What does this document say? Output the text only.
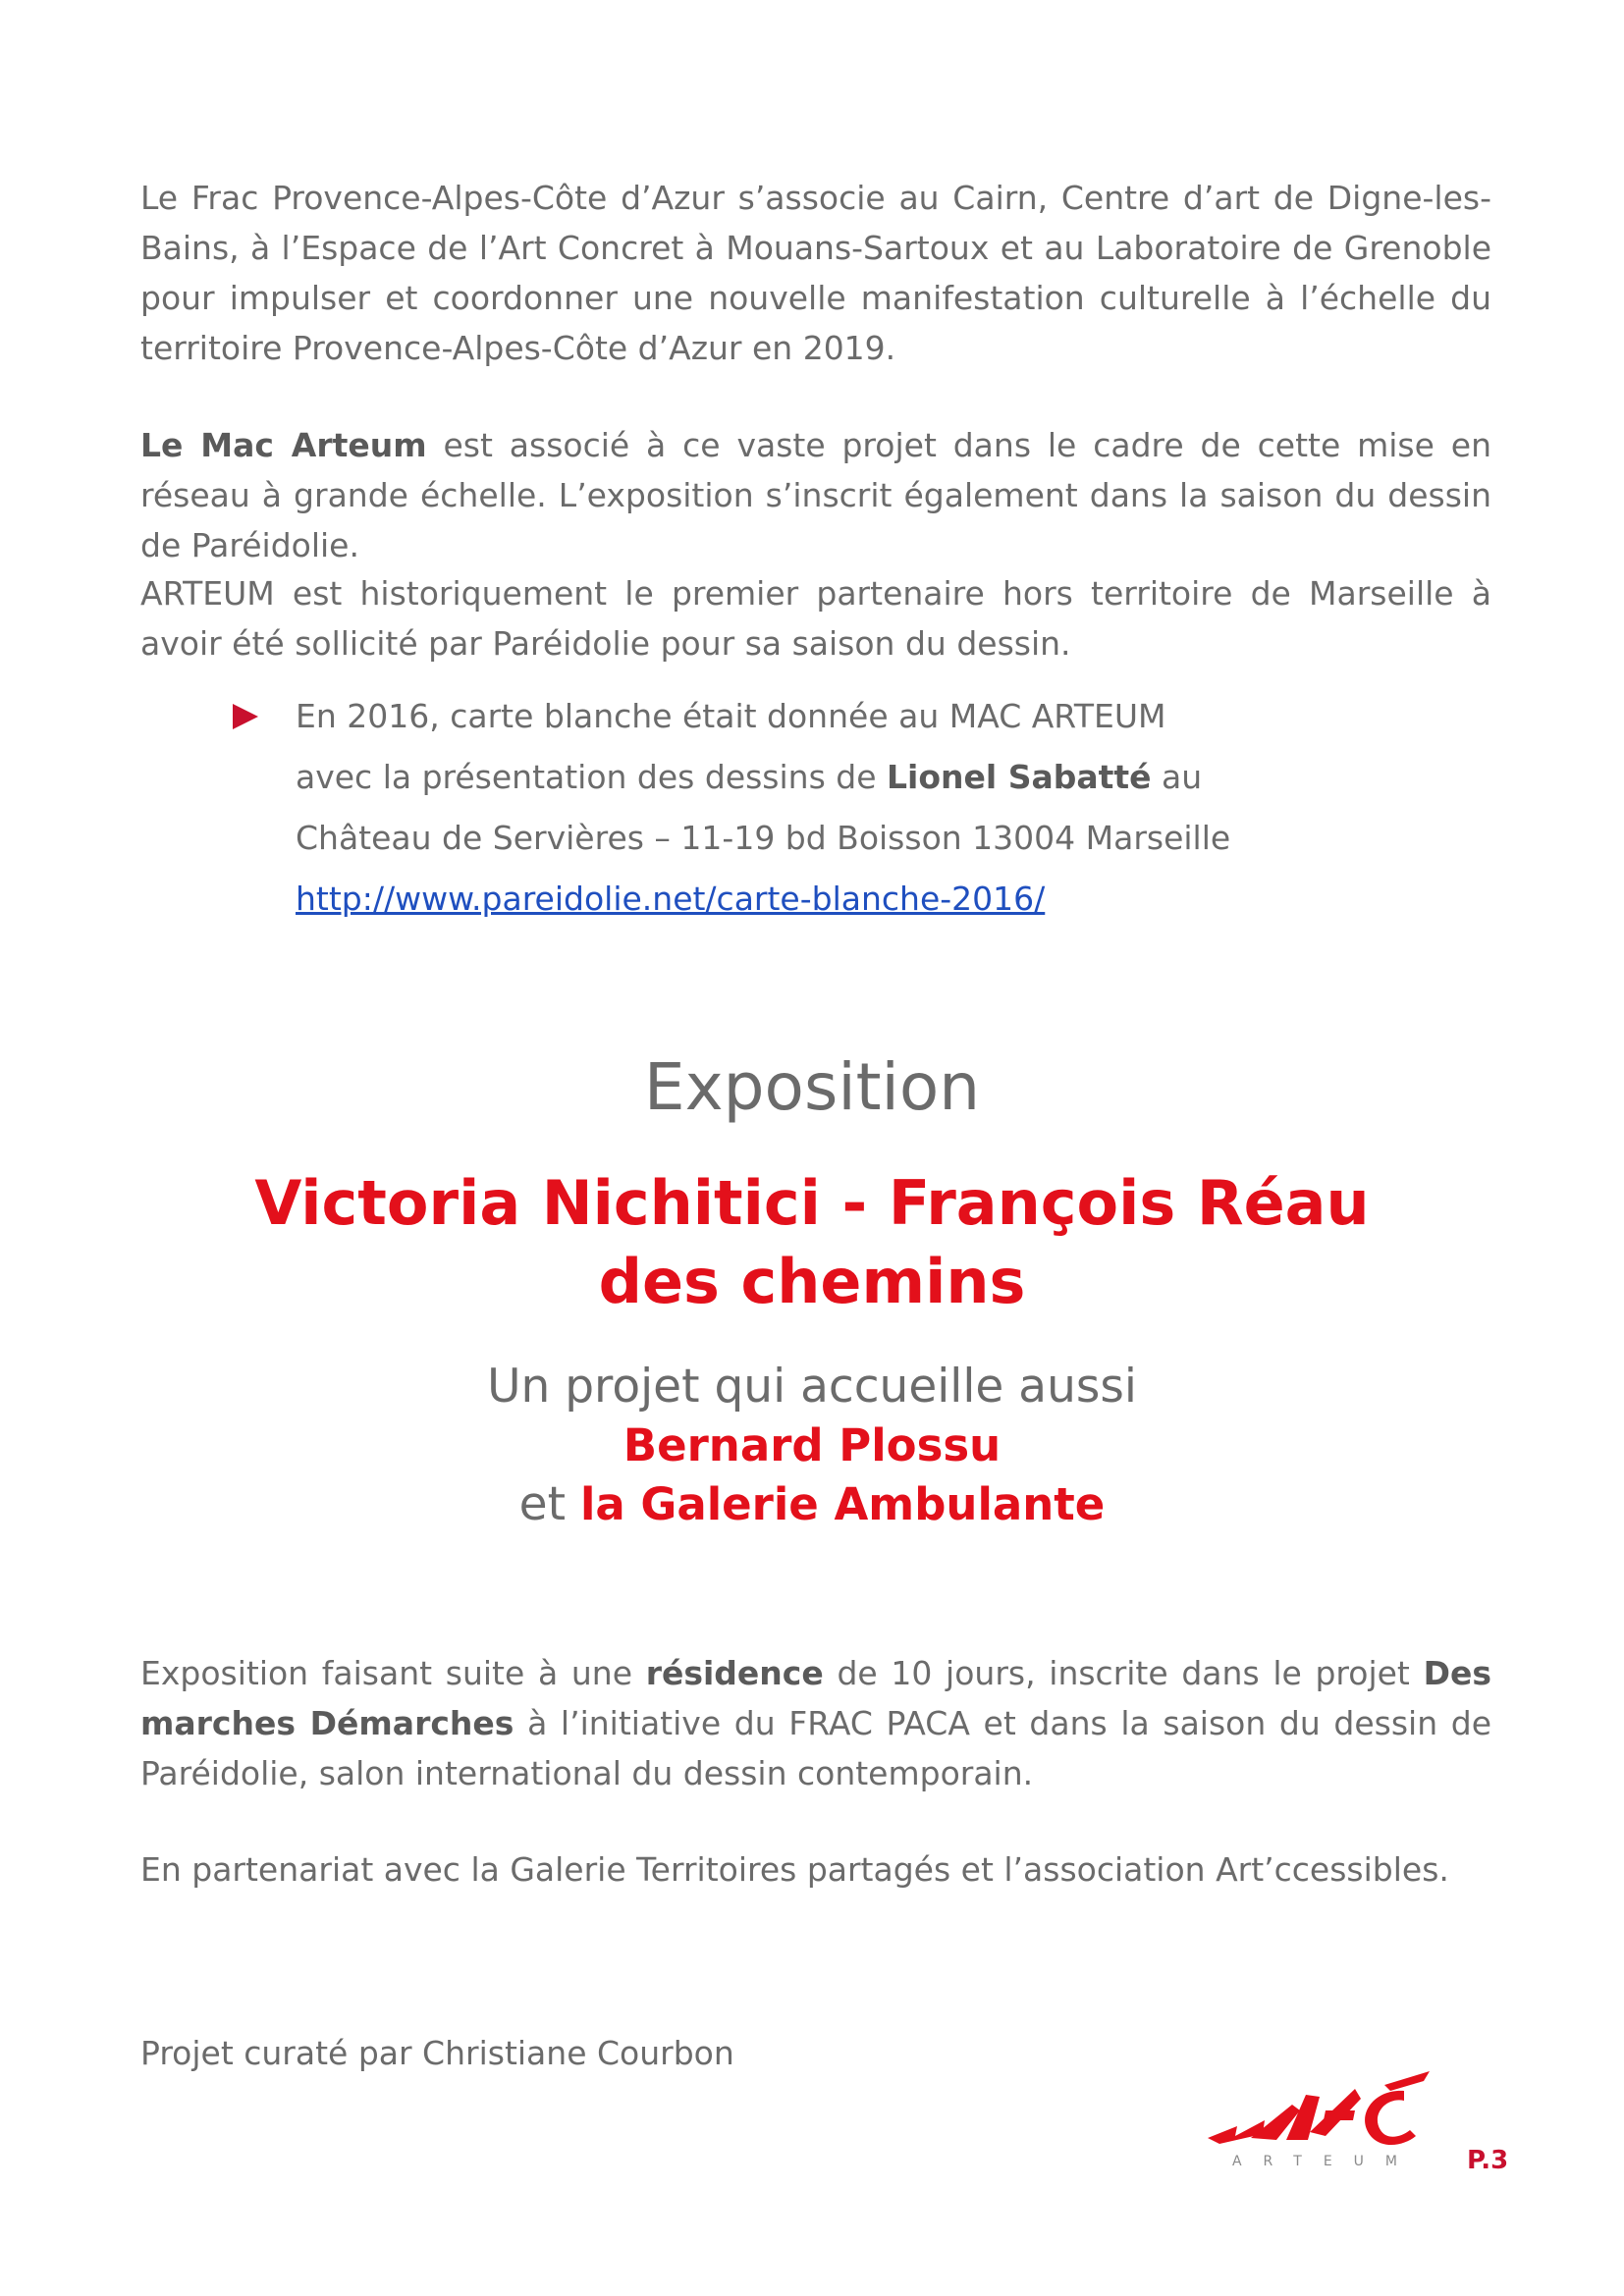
Le Frac Provence-Alpes-Côte d’Azur s’associe au Cairn, Centre d’art de Digne-les-Bains, à l’Espace de l’Art Concret à Mouans-Sartoux et au Laboratoire de Grenoble pour impulser et coordonner une nouvelle manifestation culturelle à l’échelle du territoire Provence-Alpes-Côte d’Azur en 2019.

Le Mac Arteum est associé à ce vaste projet dans le cadre de cette mise en réseau à grande échelle. L’exposition s’inscrit également dans la saison du dessin de Paréidolie.

ARTEUM est historiquement le premier partenaire hors territoire de Marseille à avoir été sollicité par Paréidolie pour sa saison du dessin.

En 2016, carte blanche était donnée au MAC ARTEUM
avec la présentation des dessins de Lionel Sabatté au
Château de Servières – 11-19 bd Boisson 13004 Marseille
http://www.pareidolie.net/carte-blanche-2016/

Exposition

Victoria Nichitici - François Réau

des chemins

Un projet qui accueille aussi

Bernard Plossu

et la Galerie Ambulante

Exposition faisant suite à une résidence de 10 jours, inscrite dans le projet Des marches Démarches à l’initiative du FRAC PACA et dans la saison du dessin de Paréidolie, salon international du dessin contemporain.

En partenariat avec la Galerie Territoires partagés et l’association Art’ccessibles.

Projet curaté par Christiane Courbon

ARTEUM P.3
